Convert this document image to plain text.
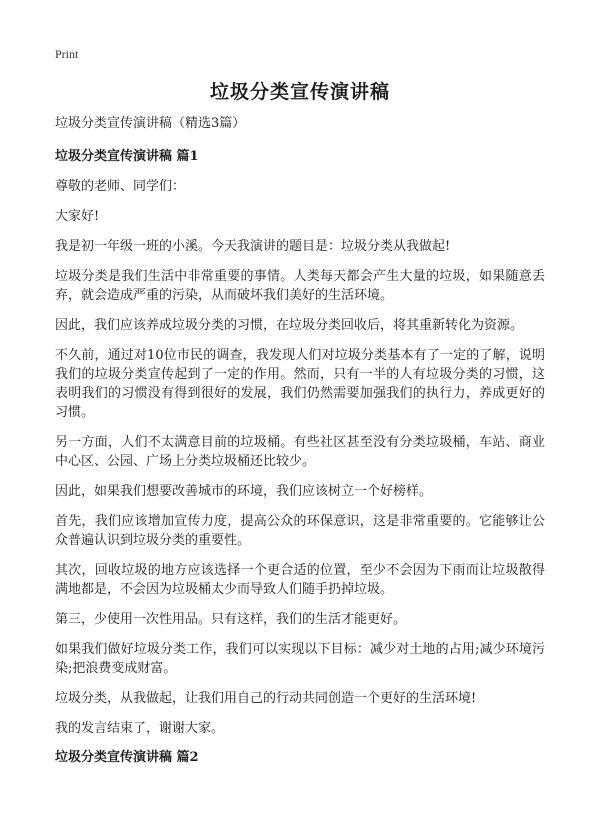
Print
垃圾分类宣传演讲稿
垃圾分类宣传演讲稿（精选3篇）
垃圾分类宣传演讲稿 篇1

尊敬的老师、同学们：

大家好!

我是初一年级一班的小溪。今天我演讲的题目是：垃圾分类从我做起!

垃圾分类是我们生活中非常重要的事情。人类每天都会产生大量的垃圾，如果随意丢弃，就会造成严重的污染，从而破坏我们美好的生活环境。

因此，我们应该养成垃圾分类的习惯，在垃圾分类回收后，将其重新转化为资源。

不久前，通过对10位市民的调查，我发现人们对垃圾分类基本有了一定的了解，说明我们的垃圾分类宣传起到了一定的作用。然而，只有一半的人有垃圾分类的习惯，这表明我们的习惯没有得到很好的发展，我们仍然需要加强我们的执行力，养成更好的习惯。

另一方面，人们不太满意目前的垃圾桶。有些社区甚至没有分类垃圾桶，车站、商业中心区、公园、广场上分类垃圾桶还比较少。

因此，如果我们想要改善城市的环境，我们应该树立一个好榜样。

首先，我们应该增加宣传力度，提高公众的环保意识，这是非常重要的。它能够让公众普遍认识到垃圾分类的重要性。

其次，回收垃圾的地方应该选择一个更合适的位置，至少不会因为下雨而让垃圾散得满地都是，不会因为垃圾桶太少而导致人们随手扔掉垃圾。

第三，少使用一次性用品。只有这样，我们的生活才能更好。

如果我们做好垃圾分类工作，我们可以实现以下目标：减少对土地的占用;减少环境污染;把浪费变成财富。

垃圾分类，从我做起，让我们用自己的行动共同创造一个更好的生活环境!

我的发言结束了，谢谢大家。

垃圾分类宣传演讲稿 篇2
